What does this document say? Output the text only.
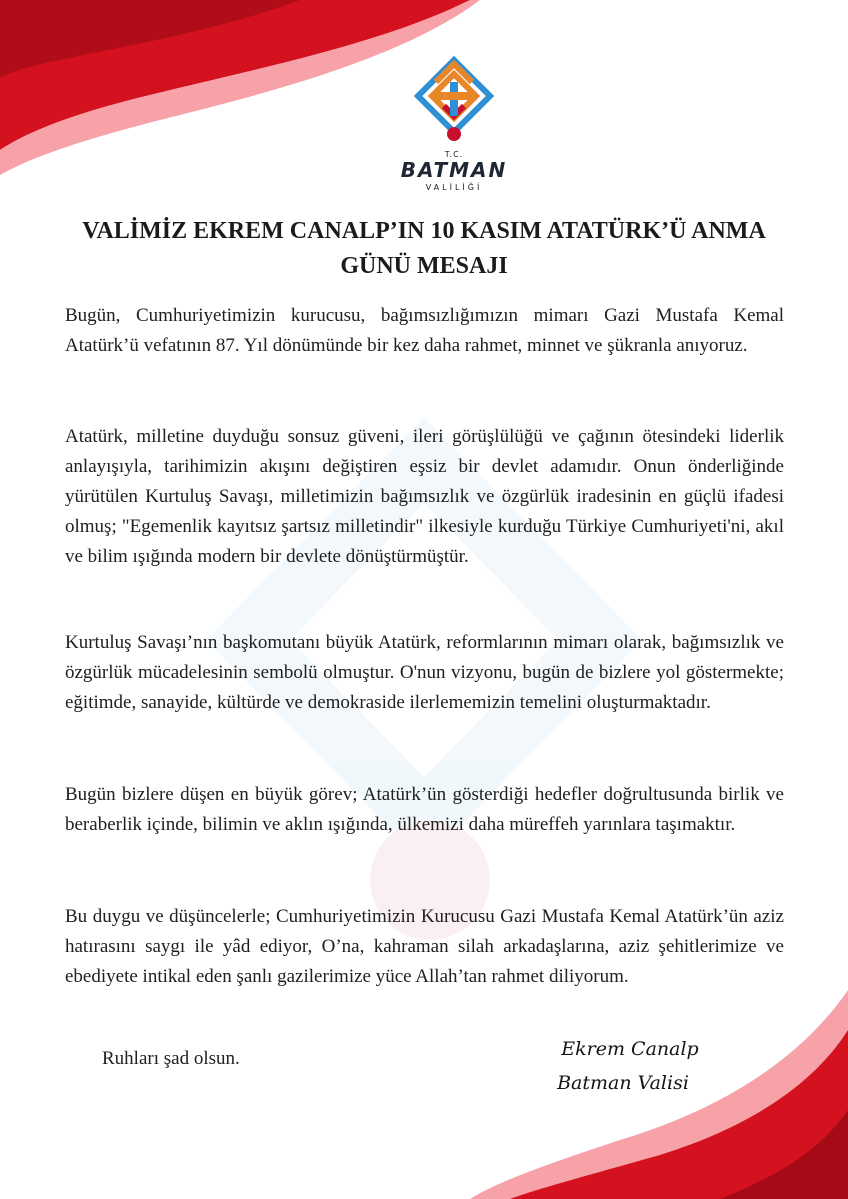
T.C.
BATMAN
VALİLİĞİ
VALİMİZ EKREM CANALP’IN 10 KASIM ATATÜRK’Ü ANMA
GÜNÜ MESAJI

Bugün, Cumhuriyetimizin kurucusu, bağımsızlığımızın mimarı Gazi Mustafa Kemal Atatürk’ü vefatının 87. Yıl dönümünde bir kez daha rahmet, minnet ve şükranla anıyoruz.

Atatürk, milletine duyduğu sonsuz güveni, ileri görüşlülüğü ve çağının ötesindeki liderlik anlayışıyla, tarihimizin akışını değiştiren eşsiz bir devlet adamıdır. Onun önderliğinde yürütülen Kurtuluş Savaşı, milletimizin bağımsızlık ve özgürlük iradesinin en güçlü ifadesi olmuş; "Egemenlik kayıtsız şartsız milletindir" ilkesiyle kurduğu Türkiye Cumhuriyeti'ni, akıl ve bilim ışığında modern bir devlete dönüştürmüştür.

Kurtuluş Savaşı’nın başkomutanı büyük Atatürk, reformlarının mimarı olarak, bağımsızlık ve özgürlük mücadelesinin sembolü olmuştur. O'nun vizyonu, bugün de bizlere yol göstermekte; eğitimde, sanayide, kültürde ve demokraside ilerlememizin temelini oluşturmaktadır.

Bugün bizlere düşen en büyük görev; Atatürk’ün gösterdiği hedefler doğrultusunda birlik ve beraberlik içinde, bilimin ve aklın ışığında, ülkemizi daha müreffeh yarınlara taşımaktır.

Bu duygu ve düşüncelerle; Cumhuriyetimizin Kurucusu Gazi Mustafa Kemal Atatürk’ün aziz hatırasını saygı ile yâd ediyor, O’na, kahraman silah arkadaşlarına, aziz şehitlerimize ve ebediyete intikal eden şanlı gazilerimize yüce Allah’tan rahmet diliyorum.

Ruhları şad olsun.	Ekrem Canalp
Batman Valisi
